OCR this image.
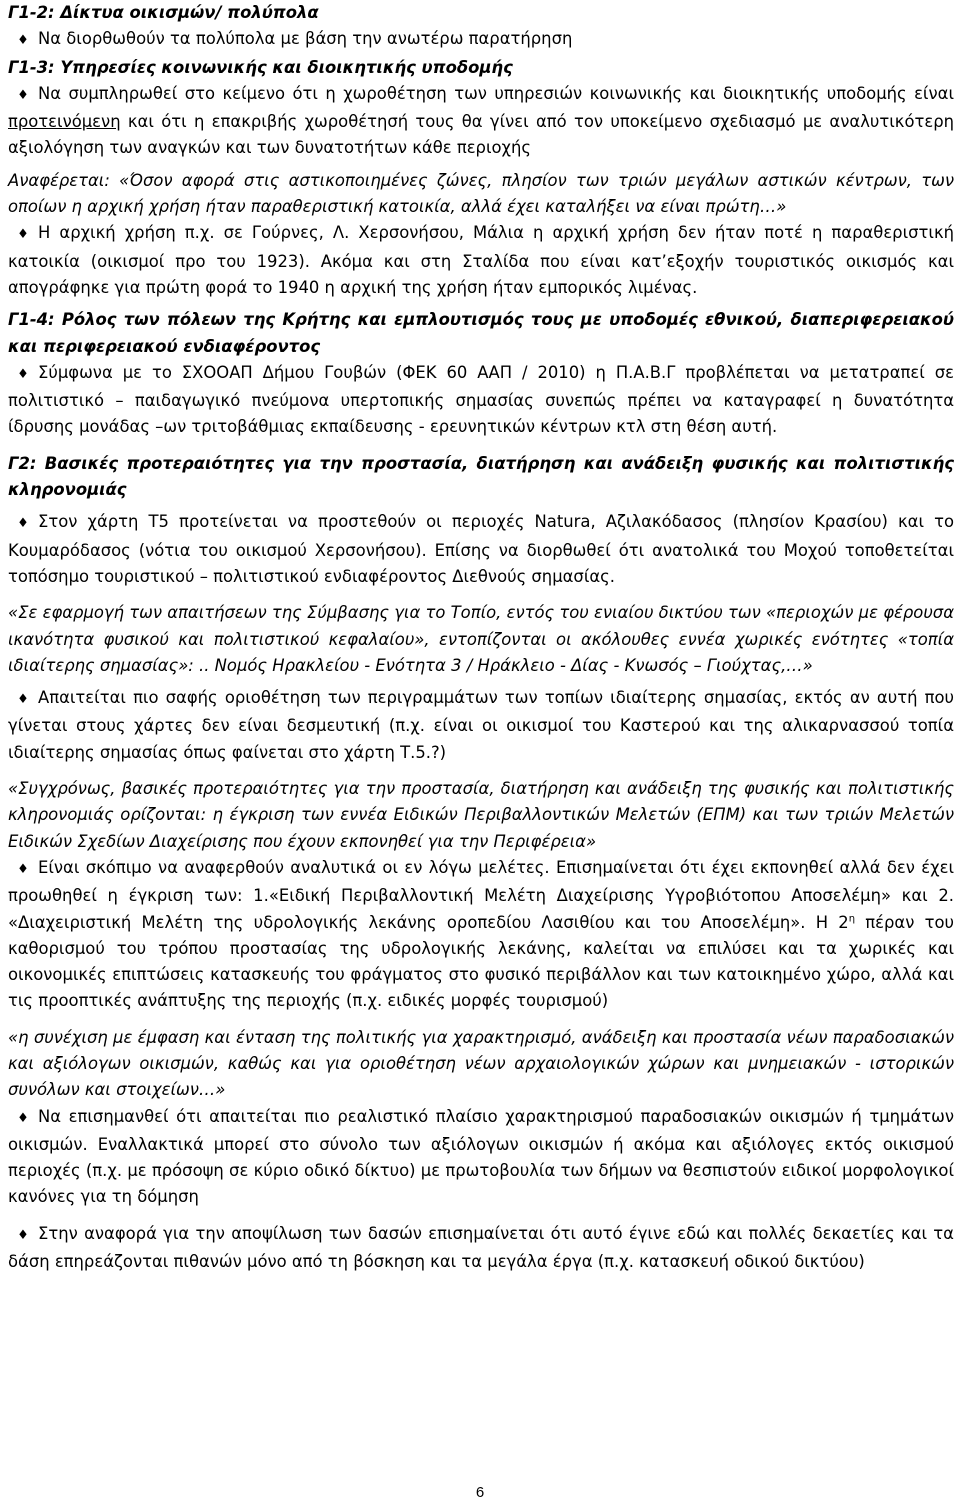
Γ1-2: Δίκτυα οικισμών/ πολύπολα

♦ Να διορθωθούν τα πολύπολα με βάση την ανωτέρω παρατήρηση

Γ1-3: Υπηρεσίες κοινωνικής και διοικητικής υποδομής

♦ Να συμπληρωθεί στο κείμενο ότι η χωροθέτηση των υπηρεσιών κοινωνικής και διοικητικής υποδομής είναι προτεινόμενη και ότι η επακριβής χωροθέτησή τους θα γίνει από τον υποκείμενο σχεδιασμό με αναλυτικότερη αξιολόγηση των αναγκών και των δυνατοτήτων κάθε περιοχής

Αναφέρεται: «Όσον αφορά στις αστικοποιημένες ζώνες, πλησίον των τριών μεγάλων αστικών κέντρων, των οποίων η αρχική χρήση ήταν παραθεριστική κατοικία, αλλά έχει καταλήξει να είναι πρώτη…»

♦ Η αρχική χρήση π.χ. σε Γούρνες, Λ. Χερσονήσου, Μάλια η αρχική χρήση δεν ήταν ποτέ η παραθεριστική κατοικία (οικισμοί προ του 1923). Ακόμα και στη Σταλίδα που είναι κατ’εξοχήν τουριστικός οικισμός και απογράφηκε για πρώτη φορά το 1940 η αρχική της χρήση ήταν εμπορικός λιμένας.

Γ1-4: Ρόλος των πόλεων της Κρήτης και εμπλουτισμός τους με υποδομές εθνικού, διαπεριφερειακού και περιφερειακού ενδιαφέροντος

♦ Σύμφωνα με το ΣΧΟΟΑΠ Δήμου Γουβών (ΦΕΚ 60 ΑΑΠ / 2010) η Π.Α.Β.Γ προβλέπεται να μετατραπεί σε πολιτιστικό – παιδαγωγικό πνεύμονα υπερτοπικής σημασίας συνεπώς πρέπει να καταγραφεί η δυνατότητα ίδρυσης μονάδας –ων τριτοβάθμιας εκπαίδευσης - ερευνητικών κέντρων κτλ στη θέση αυτή.

Γ2: Βασικές προτεραιότητες για την προστασία, διατήρηση και ανάδειξη φυσικής και πολιτιστικής κληρονομιάς

♦ Στον χάρτη Τ5 προτείνεται να προστεθούν οι περιοχές Natura, Αζιλακόδασος (πλησίον Κρασίου) και το Κουμαρόδασος (νότια του οικισμού Χερσονήσου). Επίσης να διορθωθεί ότι ανατολικά του Μοχού τοποθετείται τοπόσημο τουριστικού – πολιτιστικού ενδιαφέροντος Διεθνούς σημασίας.

«Σε εφαρμογή των απαιτήσεων της Σύμβασης για το Τοπίο, εντός του ενιαίου δικτύου των «περιοχών με φέρουσα ικανότητα φυσικού και πολιτιστικού κεφαλαίου», εντοπίζονται οι ακόλουθες εννέα χωρικές ενότητες «τοπία ιδιαίτερης σημασίας»: .. Νομός Ηρακλείου - Ενότητα 3 / Ηράκλειο - Δίας - Κνωσός – Γιούχτας,…»

♦ Απαιτείται πιο σαφής οριοθέτηση των περιγραμμάτων των τοπίων ιδιαίτερης σημασίας, εκτός αν αυτή που γίνεται στους χάρτες δεν είναι δεσμευτική (π.χ. είναι οι οικισμοί του Καστερού και της αλικαρνασσού τοπία ιδιαίτερης σημασίας όπως φαίνεται στο χάρτη Τ.5.?)

«Συγχρόνως, βασικές προτεραιότητες για την προστασία, διατήρηση και ανάδειξη της φυσικής και πολιτιστικής κληρονομιάς ορίζονται: η έγκριση των εννέα Ειδικών Περιβαλλοντικών Μελετών (ΕΠΜ) και των τριών Μελετών Ειδικών Σχεδίων Διαχείρισης που έχουν εκπονηθεί για την Περιφέρεια»

♦ Είναι σκόπιμο να αναφερθούν αναλυτικά οι εν λόγω μελέτες. Επισημαίνεται ότι έχει εκπονηθεί αλλά δεν έχει προωθηθεί η έγκριση των: 1.«Ειδική Περιβαλλοντική Μελέτη Διαχείρισης Υγροβιότοπου Αποσελέμη» και 2. «Διαχειριστική Μελέτη της υδρολογικής λεκάνης οροπεδίου Λασιθίου και του Αποσελέμη». Η $2^\eta$ πέραν του καθορισμού του τρόπου προστασίας της υδρολογικής λεκάνης, καλείται να επιλύσει και τα χωρικές και οικονομικές επιπτώσεις κατασκευής του φράγματος στο φυσικό περιβάλλον και των κατοικημένο χώρο, αλλά και τις προοπτικές ανάπτυξης της περιοχής (π.χ. ειδικές μορφές τουρισμού)

«η συνέχιση με έμφαση και ένταση της πολιτικής για χαρακτηρισμό, ανάδειξη και προστασία νέων παραδοσιακών και αξιόλογων οικισμών, καθώς και για οριοθέτηση νέων αρχαιολογικών χώρων και μνημειακών - ιστορικών συνόλων και στοιχείων…»

♦ Να επισημανθεί ότι απαιτείται πιο ρεαλιστικό πλαίσιο χαρακτηρισμού παραδοσιακών οικισμών ή τμημάτων οικισμών. Εναλλακτικά μπορεί στο σύνολο των αξιόλογων οικισμών ή ακόμα και αξιόλογες εκτός οικισμού περιοχές (π.χ. με πρόσοψη σε κύριο οδικό δίκτυο) με πρωτοβουλία των δήμων να θεσπιστούν ειδικοί μορφολογικοί κανόνες για τη δόμηση

♦ Στην αναφορά για την αποψίλωση των δασών επισημαίνεται ότι αυτό έγινε εδώ και πολλές δεκαετίες και τα δάση επηρεάζονται πιθανών μόνο από τη βόσκηση και τα μεγάλα έργα (π.χ. κατασκευή οδικού δικτύου)

6
